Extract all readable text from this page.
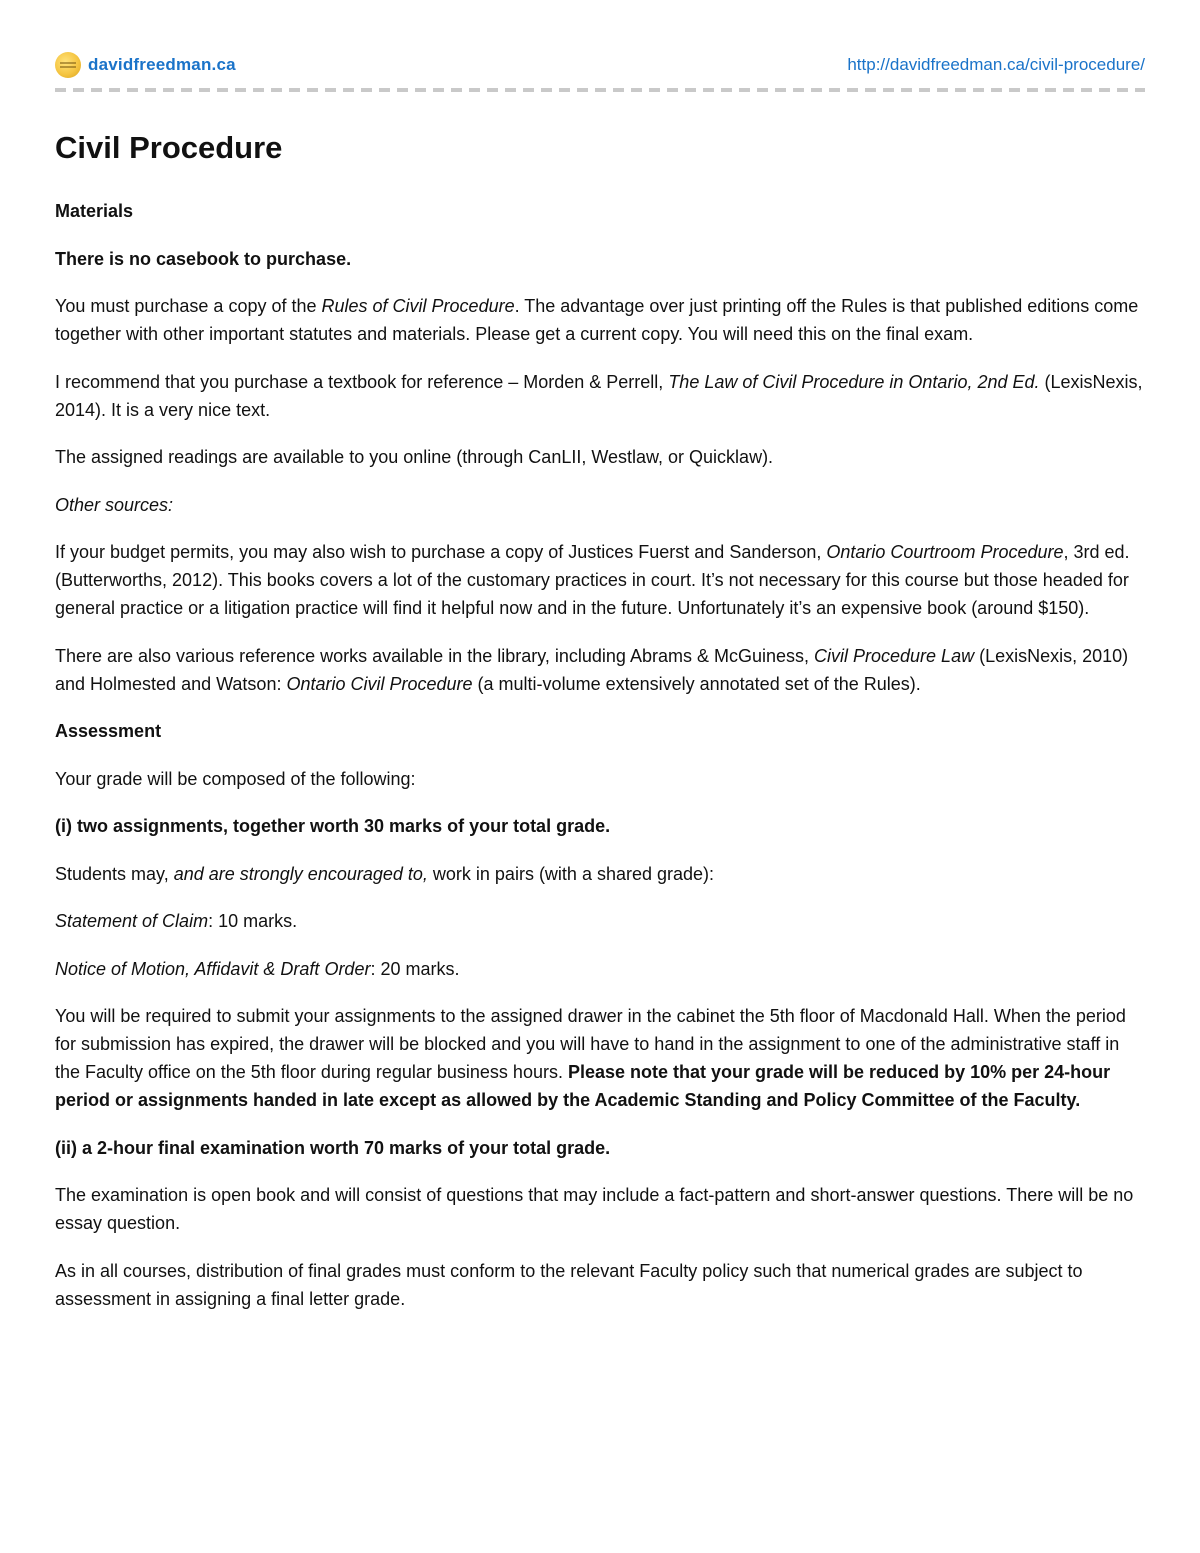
davidfreedman.ca	http://davidfreedman.ca/civil-procedure/
Civil Procedure

Materials

There is no casebook to purchase.

You must purchase a copy of the Rules of Civil Procedure. The advantage over just printing off the Rules is that published editions come together with other important statutes and materials. Please get a current copy. You will need this on the final exam.

I recommend that you purchase a textbook for reference – Morden & Perrell, The Law of Civil Procedure in Ontario, 2nd Ed. (LexisNexis, 2014). It is a very nice text.

The assigned readings are available to you online (through CanLII, Westlaw, or Quicklaw).

Other sources:

If your budget permits, you may also wish to purchase a copy of Justices Fuerst and Sanderson, Ontario Courtroom Procedure, 3rd ed. (Butterworths, 2012). This books covers a lot of the customary practices in court. It’s not necessary for this course but those headed for general practice or a litigation practice will find it helpful now and in the future. Unfortunately it’s an expensive book (around $150).

There are also various reference works available in the library, including Abrams & McGuiness, Civil Procedure Law (LexisNexis, 2010) and Holmested and Watson: Ontario Civil Procedure (a multi-volume extensively annotated set of the Rules).

Assessment

Your grade will be composed of the following:

(i) two assignments, together worth 30 marks of your total grade.

Students may, and are strongly encouraged to, work in pairs (with a shared grade):

Statement of Claim: 10 marks.

Notice of Motion, Affidavit & Draft Order: 20 marks.

You will be required to submit your assignments to the assigned drawer in the cabinet the 5th floor of Macdonald Hall. When the period for submission has expired, the drawer will be blocked and you will have to hand in the assignment to one of the administrative staff in the Faculty office on the 5th floor during regular business hours. Please note that your grade will be reduced by 10% per 24-hour period or assignments handed in late except as allowed by the Academic Standing and Policy Committee of the Faculty.

(ii) a 2-hour final examination worth 70 marks of your total grade.

The examination is open book and will consist of questions that may include a fact-pattern and short-answer questions. There will be no essay question.

As in all courses, distribution of final grades must conform to the relevant Faculty policy such that numerical grades are subject to assessment in assigning a final letter grade.
